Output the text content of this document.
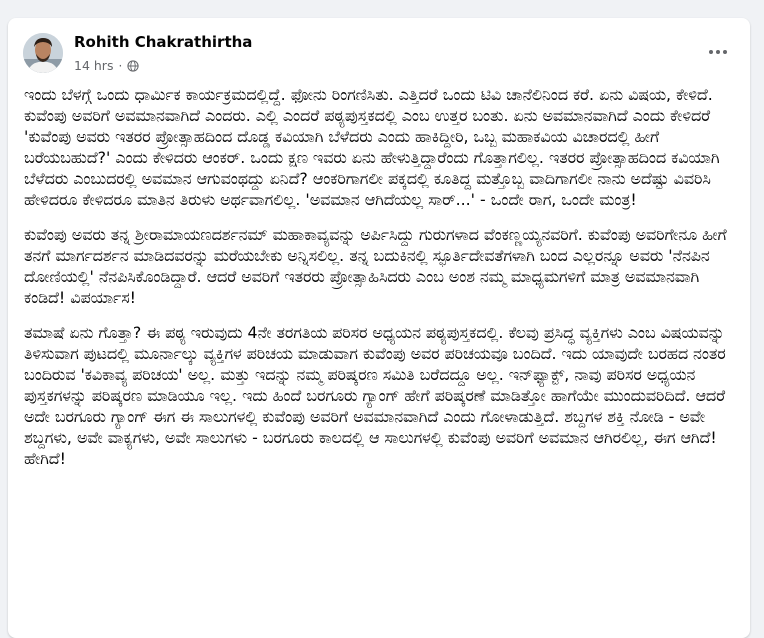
Rohith Chakrathirtha
14 hrs ·

ಇಂದು ಬೆಳಗ್ಗೆ ಒಂದು ಧಾರ್ಮಿಕ ಕಾರ್ಯಕ್ರಮದಲ್ಲಿದ್ದೆ. ಫೋನು ರಿಂಗಣಿಸಿತು. ಎತ್ತಿದರೆ ಒಂದು ಟಿವಿ ಚಾನೆಲಿನಿಂದ ಕರೆ. ಏನು ವಿಷಯ, ಕೇಳಿದೆ. ಕುವೆಂಪು ಅವರಿಗೆ ಅವಮಾನವಾಗಿದೆ ಎಂದರು. ಎಲ್ಲಿ ಎಂದರೆ ಪಠ್ಯಪುಸ್ತಕದಲ್ಲಿ ಎಂಬ ಉತ್ತರ ಬಂತು. ಏನು ಅವಮಾನವಾಗಿದೆ ಎಂದು ಕೇಳಿದರೆ 'ಕುವೆಂಪು ಅವರು ಇತರರ ಪ್ರೋತ್ಸಾಹದಿಂದ ದೊಡ್ಡ ಕವಿಯಾಗಿ ಬೆಳೆದರು ಎಂದು ಹಾಕಿದ್ದೀರಿ, ಒಬ್ಬ ಮಹಾಕವಿಯ ವಿಚಾರದಲ್ಲಿ ಹೀಗೆ ಬರೆಯಬಹುದೆ?' ಎಂದು ಕೇಳಿದರು ಆಂಕರ್. ಒಂದು ಕ್ಷಣ ಇವರು ಏನು ಹೇಳುತ್ತಿದ್ದಾರೆಂದು ಗೊತ್ತಾಗಲಿಲ್ಲ. ಇತರರ ಪ್ರೋತ್ಸಾಹದಿಂದ ಕವಿಯಾಗಿ ಬೆಳೆದರು ಎಂಬುದರಲ್ಲಿ ಅವಮಾನ ಆಗುವಂಥದ್ದು ಏನಿದೆ? ಆಂಕರಿಗಾಗಲೀ ಪಕ್ಕದಲ್ಲಿ ಕೂತಿದ್ದ ಮತ್ತೊಬ್ಬ ವಾದಿಗಾಗಲೀ ನಾನು ಅದೆಷ್ಟು ವಿವರಿಸಿ ಹೇಳಿದರೂ ಕೇಳಿದರೂ ಮಾತಿನ ತಿರುಳು ಅರ್ಥವಾಗಲಿಲ್ಲ. 'ಅವಮಾನ ಆಗಿದೆಯಲ್ಲ ಸಾರ್...' - ಒಂದೇ ರಾಗ, ಒಂದೇ ಮಂತ್ರ!

ಕುವೆಂಪು ಅವರು ತನ್ನ ಶ್ರೀರಾಮಾಯಣದರ್ಶನಮ್ ಮಹಾಕಾವ್ಯವನ್ನು ಅರ್ಪಿಸಿದ್ದು ಗುರುಗಳಾದ ವೆಂಕಣ್ಣಯ್ಯನವರಿಗೆ. ಕುವೆಂಪು ಅವರಿಗೇನೂ ಹೀಗೆ ತನಗೆ ಮಾರ್ಗದರ್ಶನ ಮಾಡಿದವರನ್ನು ಮರೆಯಬೇಕು ಅನ್ನಿಸಲಿಲ್ಲ. ತನ್ನ ಬದುಕಿನಲ್ಲಿ ಸ್ಫೂರ್ತಿದೇವತೆಗಳಾಗಿ ಬಂದ ಎಲ್ಲರನ್ನೂ ಅವರು 'ನೆನಪಿನ ದೋಣಿಯಲ್ಲಿ' ನೆನಪಿಸಿಕೊಂಡಿದ್ದಾರೆ. ಆದರೆ ಅವರಿಗೆ ಇತರರು ಪ್ರೋತ್ಸಾಹಿಸಿದರು ಎಂಬ ಅಂಶ ನಮ್ಮ ಮಾಧ್ಯಮಗಳಿಗೆ ಮಾತ್ರ ಅವಮಾನವಾಗಿ ಕಂಡಿದೆ! ವಿಪರ್ಯಾಸ!

ತಮಾಷೆ ಏನು ಗೊತ್ತಾ? ಈ ಪಠ್ಯ ಇರುವುದು 4ನೇ ತರಗತಿಯ ಪರಿಸರ ಅಧ್ಯಯನ ಪಠ್ಯಪುಸ್ತಕದಲ್ಲಿ. ಕೆಲವು ಪ್ರಸಿದ್ಧ ವ್ಯಕ್ತಿಗಳು ಎಂಬ ವಿಷಯವನ್ನು ತಿಳಿಸುವಾಗ ಪುಟದಲ್ಲಿ ಮೂರ್ನಾಲ್ಕು ವ್ಯಕ್ತಿಗಳ ಪರಿಚಯ ಮಾಡುವಾಗ ಕುವೆಂಪು ಅವರ ಪರಿಚಯವೂ ಬಂದಿದೆ. ಇದು ಯಾವುದೇ ಬರಹದ ನಂತರ ಬಂದಿರುವ 'ಕವಿಕಾವ್ಯ ಪರಿಚಯ' ಅಲ್ಲ. ಮತ್ತು ಇದನ್ನು ನಮ್ಮ ಪರಿಷ್ಕರಣ ಸಮಿತಿ ಬರೆದದ್ದೂ ಅಲ್ಲ. ಇನ್‌ಫ್ಯಾಕ್ಟ್, ನಾವು ಪರಿಸರ ಅಧ್ಯಯನ ಪುಸ್ತಕಗಳನ್ನು ಪರಿಷ್ಕರಣ ಮಾಡಿಯೂ ಇಲ್ಲ. ಇದು ಹಿಂದೆ ಬರಗೂರು ಗ್ಯಾಂಗ್ ಹೇಗೆ ಪರಿಷ್ಕರಣೆ ಮಾಡಿತ್ತೋ ಹಾಗೆಯೇ ಮುಂದುವರಿದಿದೆ. ಆದರೆ ಅದೇ ಬರಗೂರು ಗ್ಯಾಂಗ್ ಈಗ ಈ ಸಾಲುಗಳಲ್ಲಿ ಕುವೆಂಪು ಅವರಿಗೆ ಅವಮಾನವಾಗಿದೆ ಎಂದು ಗೋಳಾಡುತ್ತಿದೆ. ಶಬ್ದಗಳ ಶಕ್ತಿ ನೋಡಿ - ಅವೇ ಶಬ್ದಗಳು, ಅವೇ ವಾಕ್ಯಗಳು, ಅವೇ ಸಾಲುಗಳು - ಬರಗೂರು ಕಾಲದಲ್ಲಿ ಆ ಸಾಲುಗಳಲ್ಲಿ ಕುವೆಂಪು ಅವರಿಗೆ ಅವಮಾನ ಆಗಿರಲಿಲ್ಲ, ಈಗ ಆಗಿದೆ! ಹೇಗಿದೆ!
